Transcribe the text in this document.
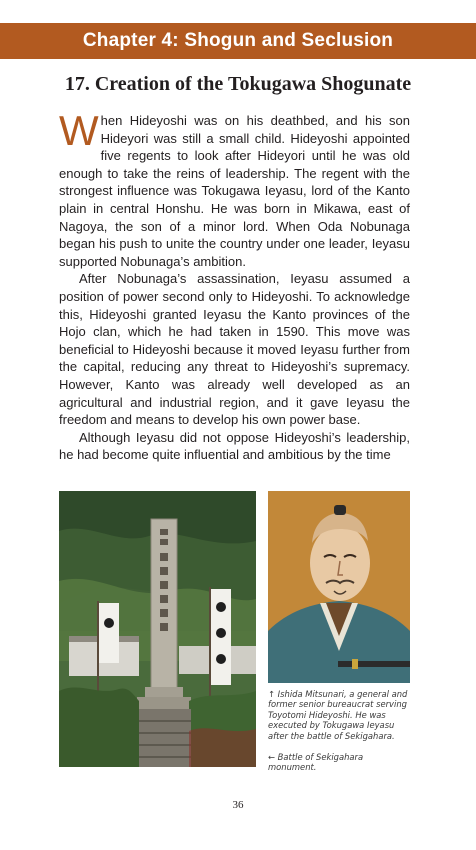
Chapter 4: Shogun and Seclusion
17. Creation of the Tokugawa Shogunate

When Hideyoshi was on his deathbed, and his son Hideyori was still a small child. Hideyoshi appointed five regents to look after Hideyori until he was old enough to take the reins of leadership. The regent with the strongest influence was Tokugawa Ieyasu, lord of the Kanto plain in central Honshu. He was born in Mikawa, east of Nagoya, the son of a minor lord. When Oda Nobunaga began his push to unite the country under one leader, Ieyasu supported Nobunaga’s ambition.

After Nobunaga’s assassination, Ieyasu assumed a position of power second only to Hideyoshi. To acknowledge this, Hideyoshi granted Ieyasu the Kanto provinces of the Hojo clan, which he had taken in 1590. This move was beneficial to Hideyoshi because it moved Ieyasu further from the capital, reducing any threat to Hideyoshi’s supremacy. However, Kanto was already well developed as an agricultural and industrial region, and it gave Ieyasu the freedom and means to develop his own power base.

Although Ieyasu did not oppose Hideyoshi’s leadership, he had become quite influential and ambitious by the time

↑ Ishida Mitsunari, a general and former senior bureaucrat serving Toyotomi Hideyoshi. He was executed by Tokugawa Ieyasu after the battle of Sekigahara.
← Battle of Sekigahara monument.
36
